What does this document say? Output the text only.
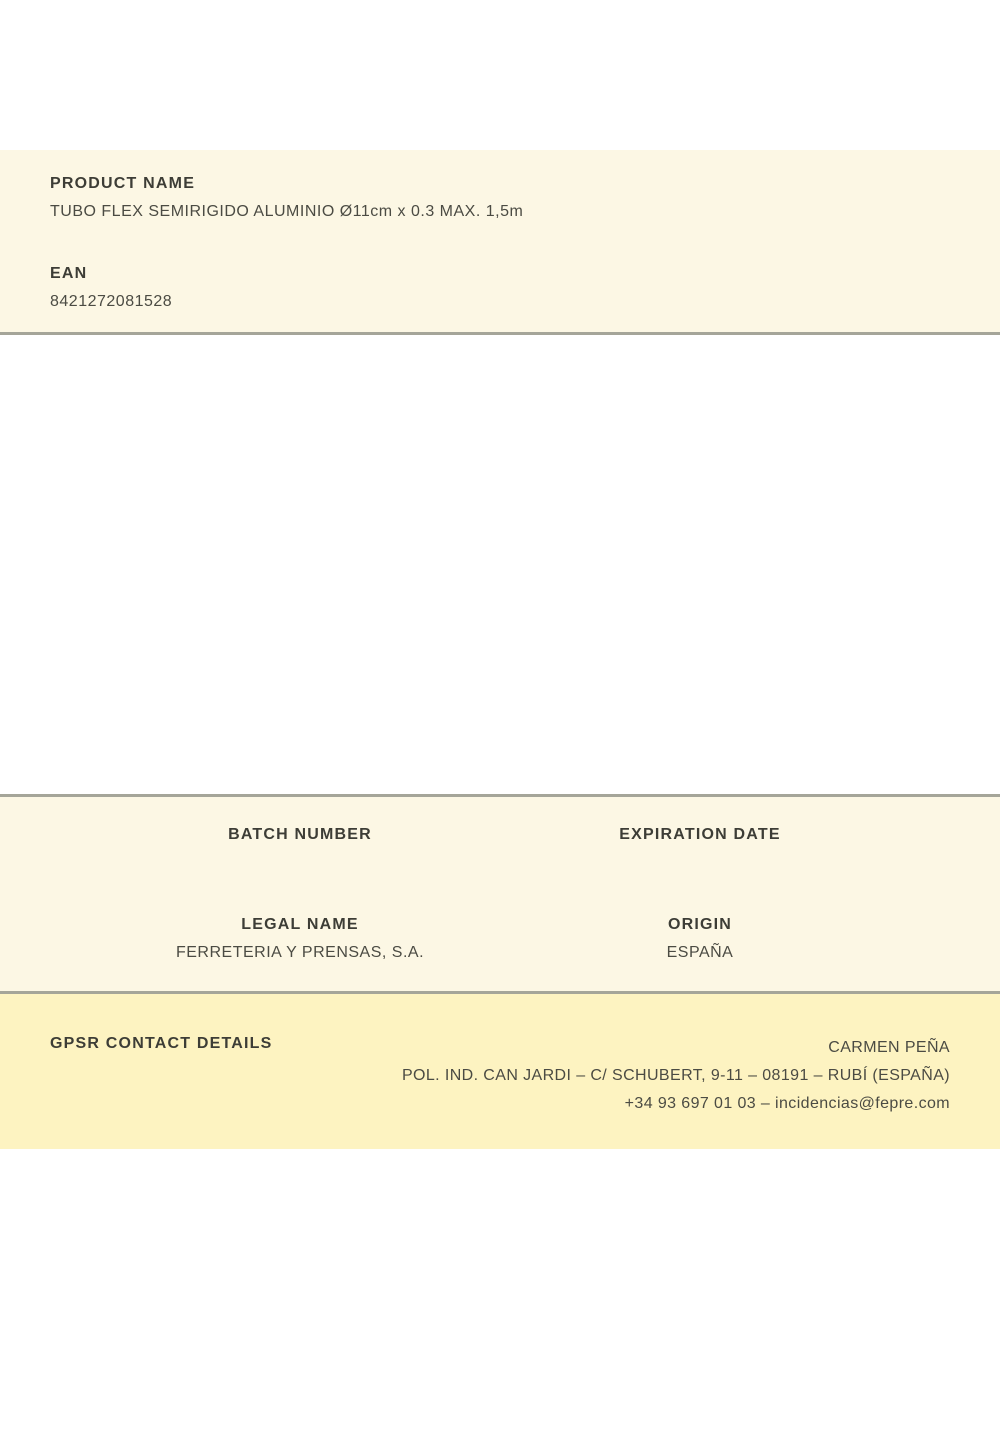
PRODUCT NAME
TUBO FLEX SEMIRIGIDO ALUMINIO Ø11cm x 0.3 MAX. 1,5m
EAN
8421272081528
BATCH NUMBER	EXPIRATION DATE
LEGAL NAME
FERRETERIA Y PRENSAS, S.A.
ORIGIN
ESPAÑA
GPSR CONTACT DETAILS	CARMEN PEÑA
POL. IND. CAN JARDI – C/ SCHUBERT, 9-11 – 08191 – RUBÍ (ESPAÑA)
+34 93 697 01 03 – incidencias@fepre.com
